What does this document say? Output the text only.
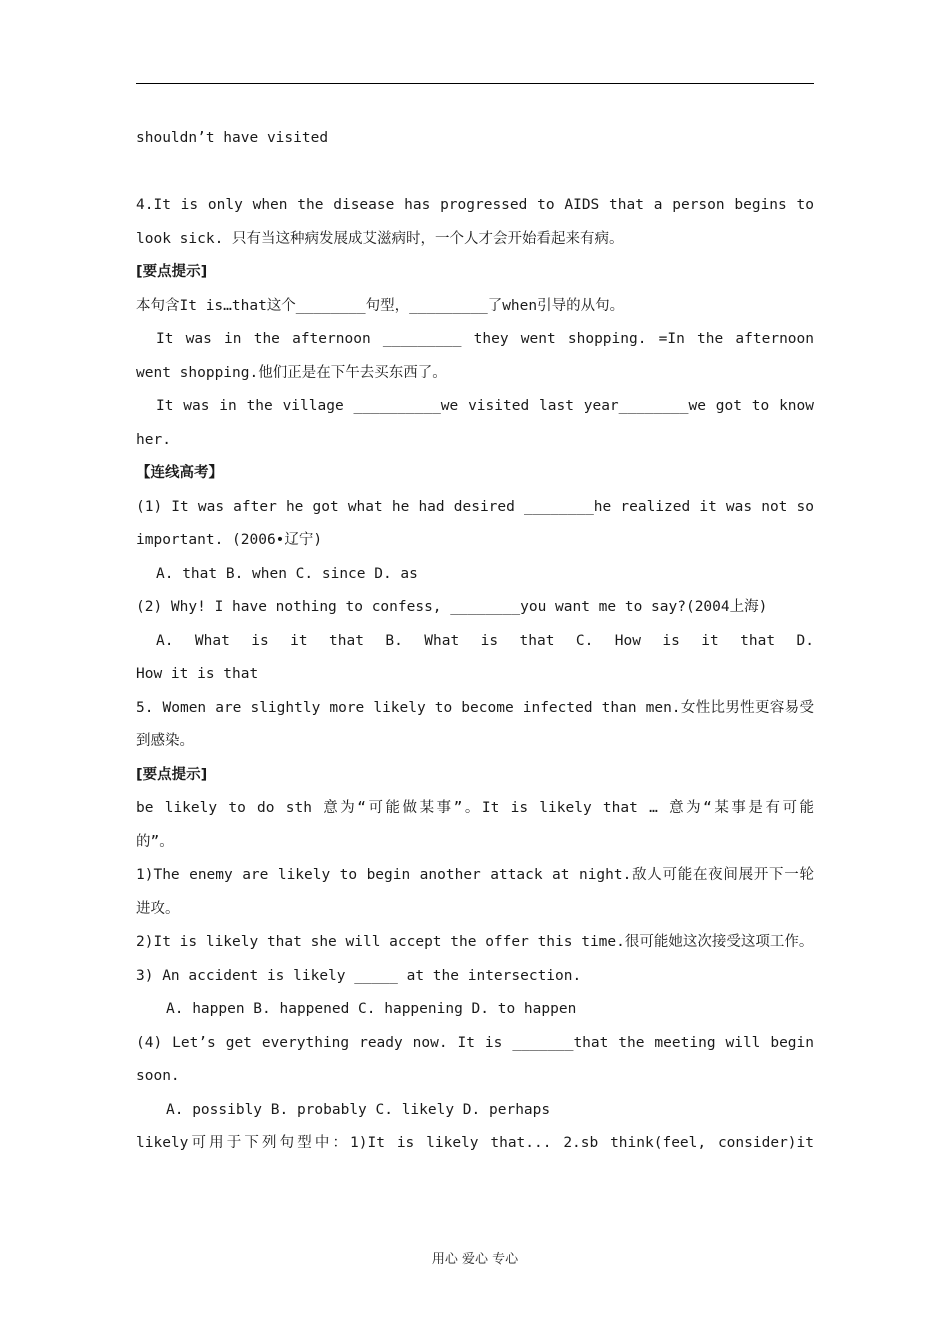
shouldn’t have visited
4.It is only when the disease has progressed to AIDS that a person begins to
look sick. 只有当这种病发展成艾滋病时，一个人才会开始看起来有病。
[要点提示]
本句含It is…that这个________句型，_________了when引导的从句。
It was in the afternoon _________ they went shopping. =In the afternoon
went shopping.他们正是在下午去买东西了。
It was in the village __________we visited last year________we got to know
her.
【连线高考】
(1) It was after he got what he had desired ________he realized it was not so
important. (2006•辽宁)
A. that B. when C. since D. as
(2) Why! I have nothing to confess, ________you want me to say?(2004上海)
A. What is it that B. What is that C. How is it that D.
How it is that
5. Women are slightly more likely to become infected than men.女性比男性更容易受
到感染。
[要点提示]
be likely to do sth 意为“可能做某事”。It is likely that … 意为“某事是有可能
的”。
1)The enemy are likely to begin another attack at night.敌人可能在夜间展开下一轮
进攻。
2)It is likely that she will accept the offer this time.很可能她这次接受这项工作。
3) An accident is likely _____ at the intersection.
A. happen B. happened C. happening D. to happen
(4) Let’s get everything ready now. It is _______that the meeting will begin
soon.
A. possibly B. probably C. likely D. perhaps
likely可用于下列句型中：1)It is likely that... 2.sb think(feel, consider)it
用心 爱心 专心
